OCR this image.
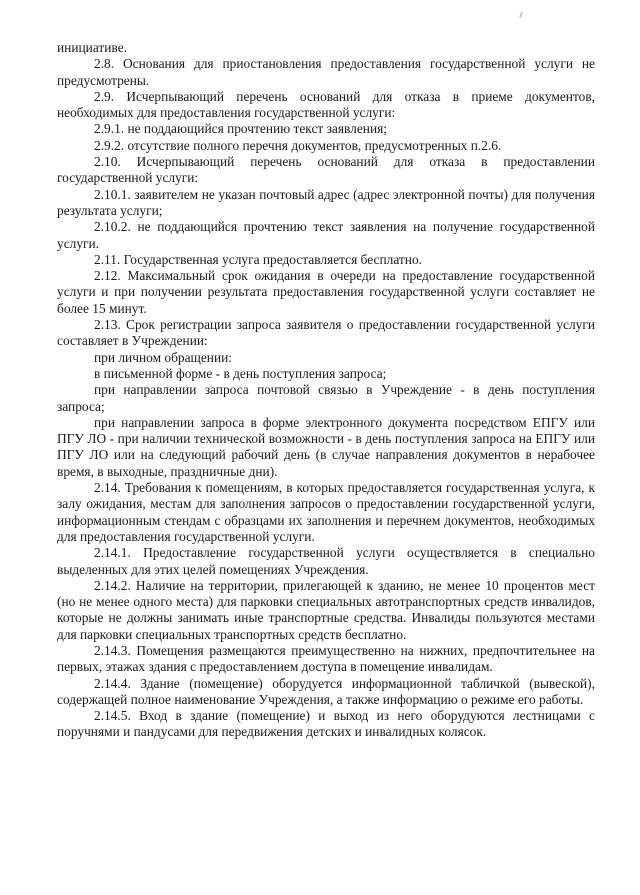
инициативе.

2.8. Основания для приостановления предоставления государственной услуги не предусмотрены.

2.9. Исчерпывающий перечень оснований для отказа в приеме документов, необходимых для предоставления государственной услуги:

2.9.1. не поддающийся прочтению текст заявления;

2.9.2. отсутствие полного перечня документов, предусмотренных п.2.6.

2.10. Исчерпывающий перечень оснований для отказа в предоставлении государственной услуги:

2.10.1. заявителем не указан почтовый адрес (адрес электронной почты) для получения результата услуги;

2.10.2. не поддающийся прочтению текст заявления на получение государственной услуги.

2.11. Государственная услуга предоставляется бесплатно.

2.12. Максимальный срок ожидания в очереди на предоставление государственной услуги и при получении результата предоставления государственной услуги составляет не более 15 минут.

2.13. Срок регистрации запроса заявителя о предоставлении государственной услуги составляет в Учреждении:

при личном обращении:

в письменной форме - в день поступления запроса;

при направлении запроса почтовой связью в Учреждение - в день поступления запроса;

при направлении запроса в форме электронного документа посредством ЕПГУ или ПГУ ЛО - при наличии технической возможности - в день поступления запроса на ЕПГУ или ПГУ ЛО или на следующий рабочий день (в случае направления документов в нерабочее время, в выходные, праздничные дни).

2.14. Требования к помещениям, в которых предоставляется государственная услуга, к залу ожидания, местам для заполнения запросов о предоставлении государственной услуги, информационным стендам с образцами их заполнения и перечнем документов, необходимых для предоставления государственной услуги.

2.14.1. Предоставление государственной услуги осуществляется в специально выделенных для этих целей помещениях Учреждения.

2.14.2. Наличие на территории, прилегающей к зданию, не менее 10 процентов мест (но не менее одного места) для парковки специальных автотранспортных средств инвалидов, которые не должны занимать иные транспортные средства. Инвалиды пользуются местами для парковки специальных транспортных средств бесплатно.

2.14.3. Помещения размещаются преимущественно на нижних, предпочтительнее на первых, этажах здания с предоставлением доступа в помещение инвалидам.

2.14.4. Здание (помещение) оборудуется информационной табличкой (вывеской), содержащей полное наименование Учреждения, а также информацию о режиме его работы.

2.14.5. Вход в здание (помещение) и выход из него оборудуются лестницами с поручнями и пандусами для передвижения детских и инвалидных колясок.
